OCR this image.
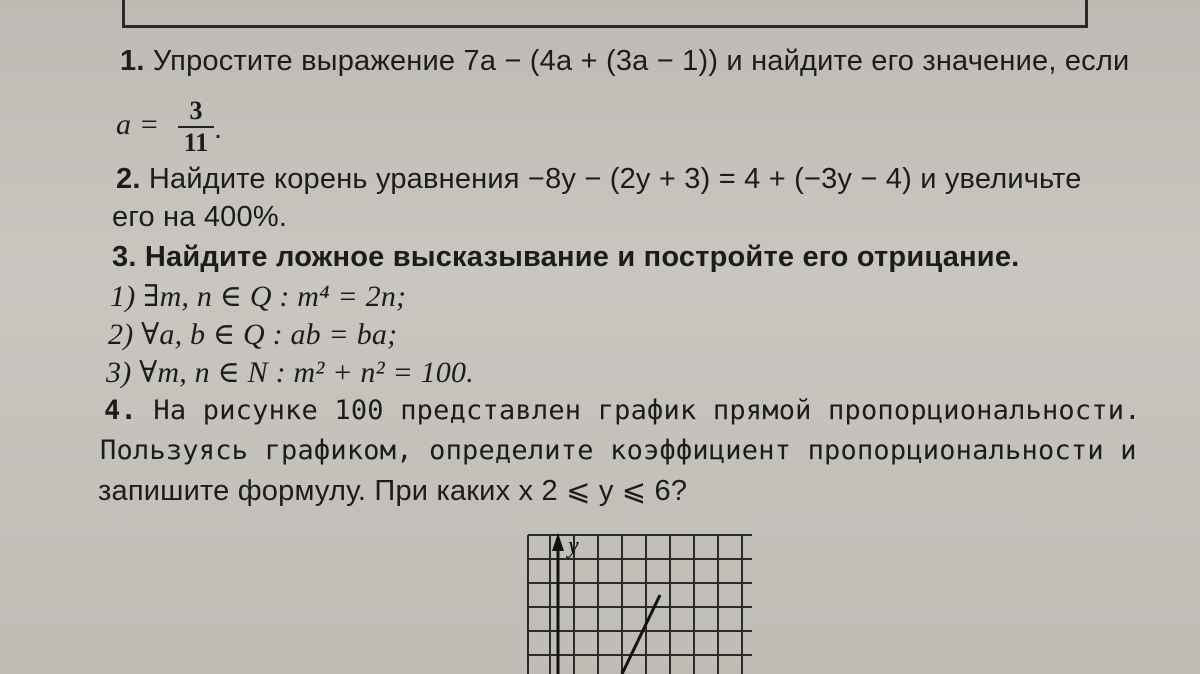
1. Упростите выражение 7a − (4a + (3a − 1)) и найдите его значение, если
a =	3
11 .
2. Найдите корень уравнения −8y − (2y + 3) = 4 + (−3y − 4) и увеличьте
его на 400%.
3. Найдите ложное высказывание и постройте его отрицание.
1) ∃m, n ∈ Q : m⁴ = 2n;
2) ∀a, b ∈ Q : ab = ba;
3) ∀m, n ∈ N : m² + n² = 100.
4. На рисунке 100 представлен график прямой пропорциональности.
Пользуясь графиком, определите коэффициент пропорциональности и
запишите формулу. При каких x 2 ⩽ y ⩽ 6?
y
